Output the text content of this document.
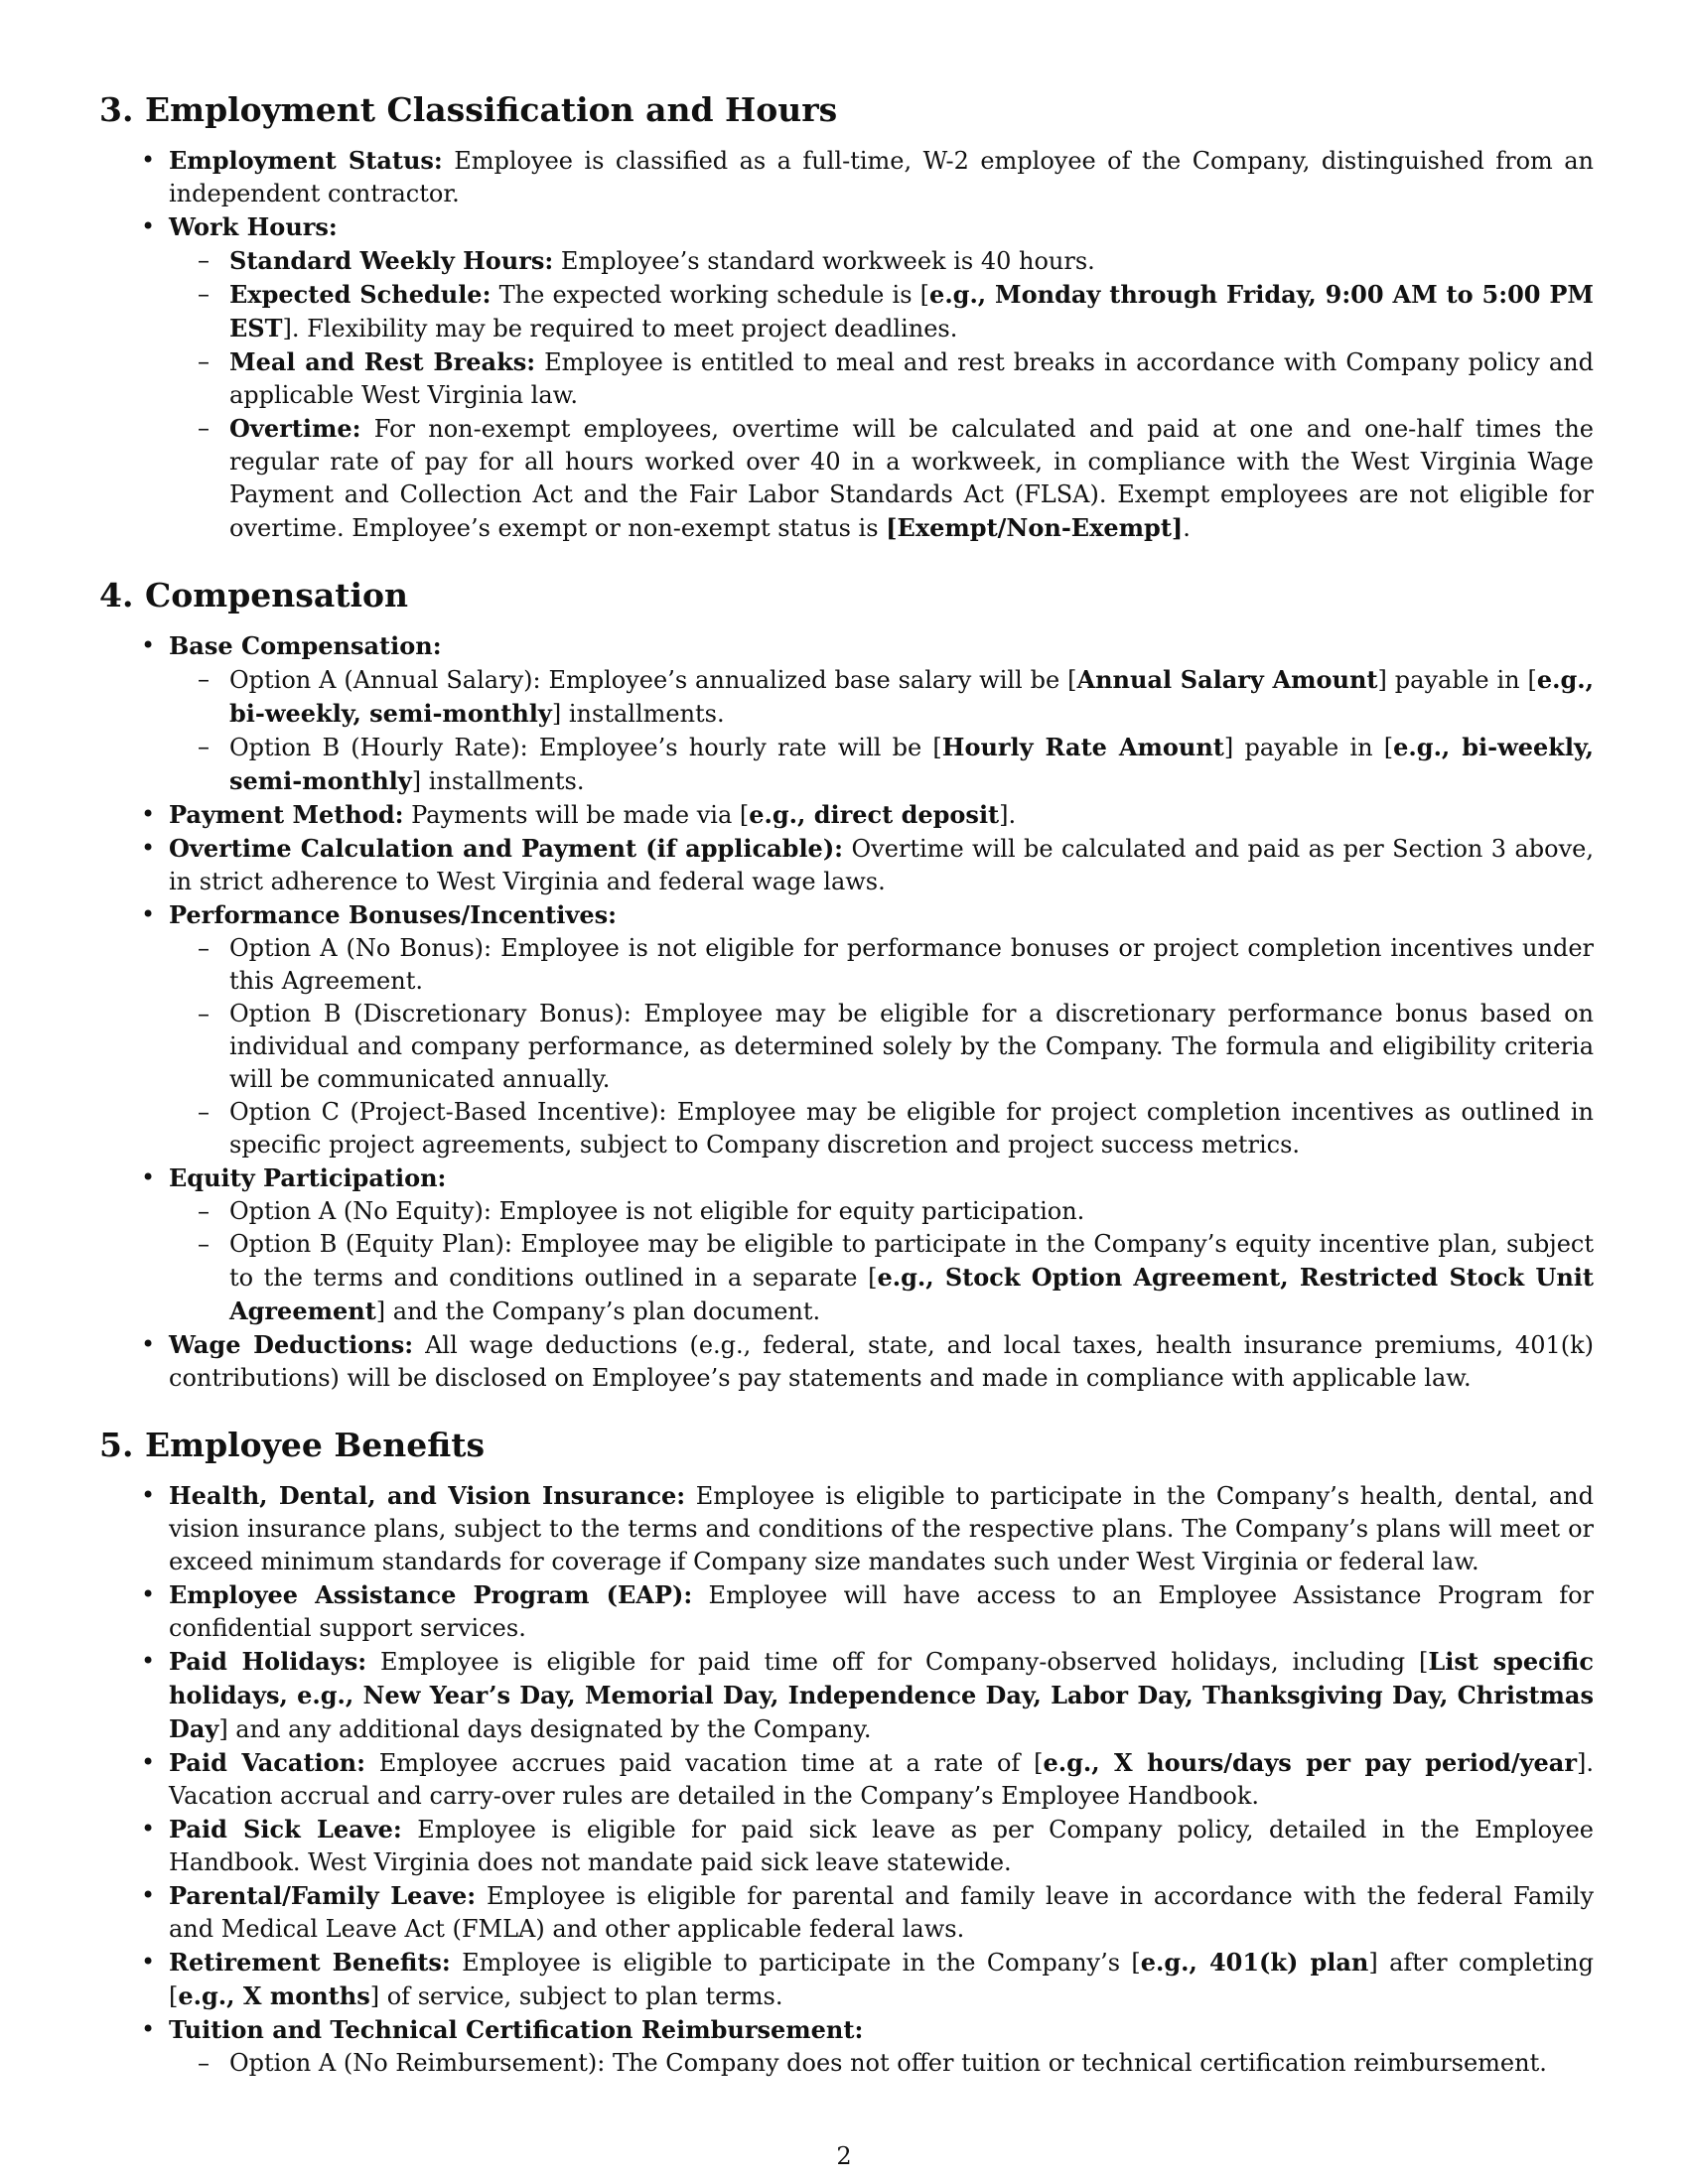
3. Employment Classification and Hours
• Employment Status: Employee is classified as a full-time, W-2 employee of the Company, distinguished from an independent contractor.
• Work Hours:
– Standard Weekly Hours: Employee’s standard workweek is 40 hours.
– Expected Schedule: The expected working schedule is [e.g., Monday through Friday, 9:00 AM to 5:00 PM EST]. Flexibility may be required to meet project deadlines.
– Meal and Rest Breaks: Employee is entitled to meal and rest breaks in accordance with Company policy and applicable West Virginia law.
– Overtime: For non-exempt employees, overtime will be calculated and paid at one and one-half times the regular rate of pay for all hours worked over 40 in a workweek, in compliance with the West Virginia Wage Payment and Collection Act and the Fair Labor Standards Act (FLSA). Exempt employees are not eligible for overtime. Employee’s exempt or non-exempt status is [Exempt/Non-Exempt].
4. Compensation
• Base Compensation:
– Option A (Annual Salary): Employee’s annualized base salary will be [Annual Salary Amount] payable in [e.g., bi-weekly, semi-monthly] installments.
– Option B (Hourly Rate): Employee’s hourly rate will be [Hourly Rate Amount] payable in [e.g., bi-weekly, semi-monthly] installments.
• Payment Method: Payments will be made via [e.g., direct deposit].
• Overtime Calculation and Payment (if applicable): Overtime will be calculated and paid as per Section 3 above, in strict adherence to West Virginia and federal wage laws.
• Performance Bonuses/Incentives:
– Option A (No Bonus): Employee is not eligible for performance bonuses or project completion incentives under this Agreement.
– Option B (Discretionary Bonus): Employee may be eligible for a discretionary performance bonus based on individual and company performance, as determined solely by the Company. The formula and eligibility criteria will be communicated annually.
– Option C (Project-Based Incentive): Employee may be eligible for project completion incentives as outlined in specific project agreements, subject to Company discretion and project success metrics.
• Equity Participation:
– Option A (No Equity): Employee is not eligible for equity participation.
– Option B (Equity Plan): Employee may be eligible to participate in the Company’s equity incentive plan, subject to the terms and conditions outlined in a separate [e.g., Stock Option Agreement, Restricted Stock Unit Agreement] and the Company’s plan document.
• Wage Deductions: All wage deductions (e.g., federal, state, and local taxes, health insurance premiums, 401(k) contributions) will be disclosed on Employee’s pay statements and made in compliance with applicable law.
5. Employee Benefits
• Health, Dental, and Vision Insurance: Employee is eligible to participate in the Company’s health, dental, and vision insurance plans, subject to the terms and conditions of the respective plans. The Company’s plans will meet or exceed minimum standards for coverage if Company size mandates such under West Virginia or federal law.
• Employee Assistance Program (EAP): Employee will have access to an Employee Assistance Program for confidential support services.
• Paid Holidays: Employee is eligible for paid time off for Company-observed holidays, including [List specific holidays, e.g., New Year’s Day, Memorial Day, Independence Day, Labor Day, Thanksgiving Day, Christmas Day] and any additional days designated by the Company.
• Paid Vacation: Employee accrues paid vacation time at a rate of [e.g., X hours/days per pay period/year]. Vacation accrual and carry-over rules are detailed in the Company’s Employee Handbook.
• Paid Sick Leave: Employee is eligible for paid sick leave as per Company policy, detailed in the Employee Handbook. West Virginia does not mandate paid sick leave statewide.
• Parental/Family Leave: Employee is eligible for parental and family leave in accordance with the federal Family and Medical Leave Act (FMLA) and other applicable federal laws.
• Retirement Benefits: Employee is eligible to participate in the Company’s [e.g., 401(k) plan] after completing [e.g., X months] of service, subject to plan terms.
• Tuition and Technical Certification Reimbursement:
– Option A (No Reimbursement): The Company does not offer tuition or technical certification reimbursement.
2
